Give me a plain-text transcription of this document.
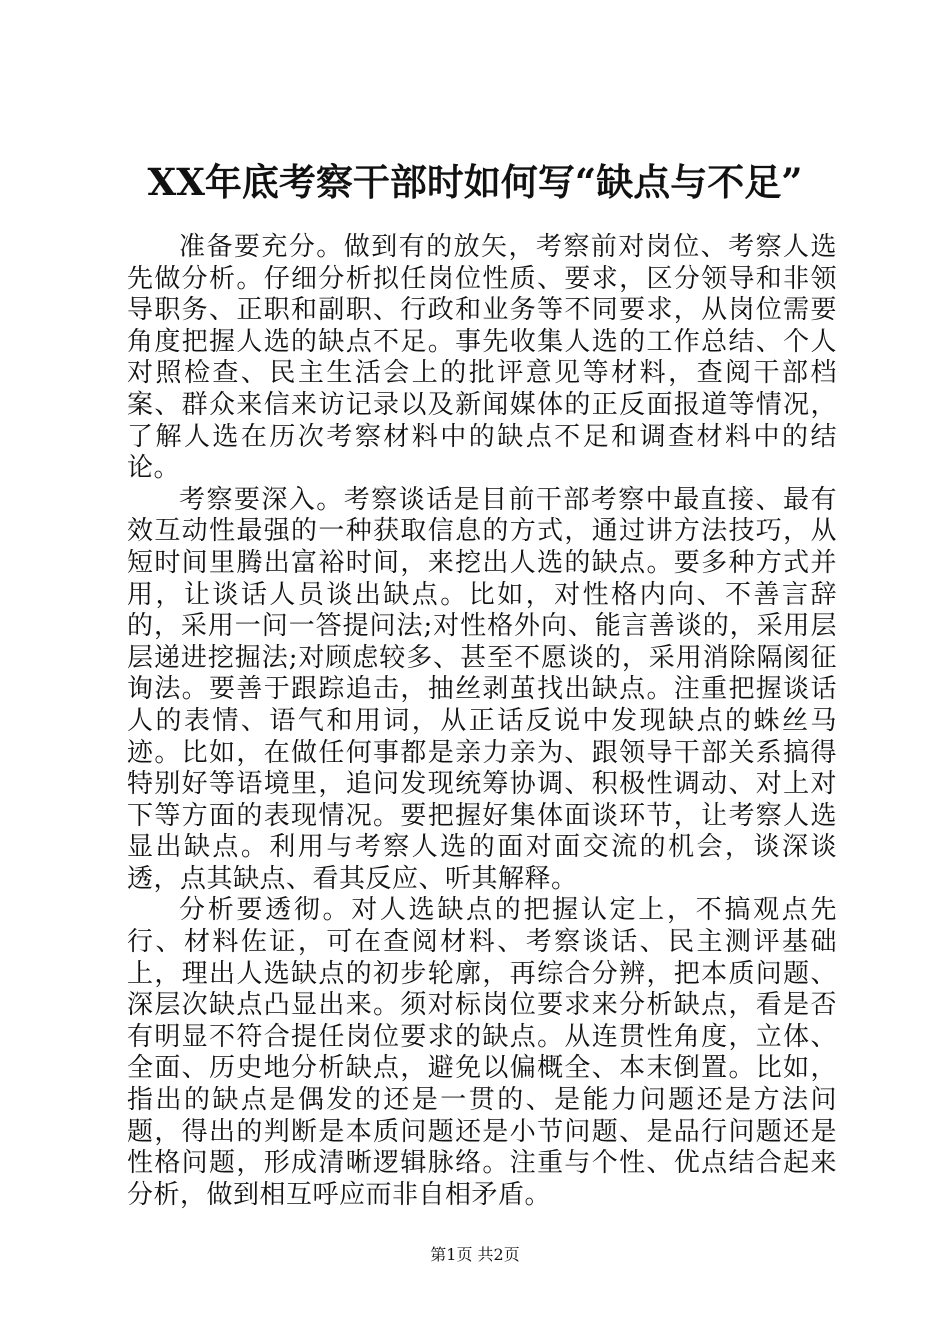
XX年底考察干部时如何写“缺点与不足”

准备要充分。做到有的放矢，考察前对岗位、考察人选先做分析。仔细分析拟任岗位性质、要求，区分领导和非领导职务、正职和副职、行政和业务等不同要求，从岗位需要角度把握人选的缺点不足。事先收集人选的工作总结、个人对照检查、民主生活会上的批评意见等材料，查阅干部档案、群众来信来访记录以及新闻媒体的正反面报道等情况，了解人选在历次考察材料中的缺点不足和调查材料中的结论。

考察要深入。考察谈话是目前干部考察中最直接、最有效互动性最强的一种获取信息的方式，通过讲方法技巧，从短时间里腾出富裕时间，来挖出人选的缺点。要多种方式并用，让谈话人员谈出缺点。比如，对性格内向、不善言辞的，采用一问一答提问法;对性格外向、能言善谈的，采用层层递进挖掘法;对顾虑较多、甚至不愿谈的，采用消除隔阂征询法。要善于跟踪追击，抽丝剥茧找出缺点。注重把握谈话人的表情、语气和用词，从正话反说中发现缺点的蛛丝马迹。比如，在做任何事都是亲力亲为、跟领导干部关系搞得特别好等语境里，追问发现统筹协调、积极性调动、对上对下等方面的表现情况。要把握好集体面谈环节，让考察人选显出缺点。利用与考察人选的面对面交流的机会，谈深谈透，点其缺点、看其反应、听其解释。

分析要透彻。对人选缺点的把握认定上，不搞观点先行、材料佐证，可在查阅材料、考察谈话、民主测评基础上，理出人选缺点的初步轮廓，再综合分辨，把本质问题、深层次缺点凸显出来。须对标岗位要求来分析缺点，看是否有明显不符合提任岗位要求的缺点。从连贯性角度，立体、全面、历史地分析缺点，避免以偏概全、本末倒置。比如，指出的缺点是偶发的还是一贯的、是能力问题还是方法问题，得出的判断是本质问题还是小节问题、是品行问题还是性格问题，形成清晰逻辑脉络。注重与个性、优点结合起来分析，做到相互呼应而非自相矛盾。

第1页 共2页
